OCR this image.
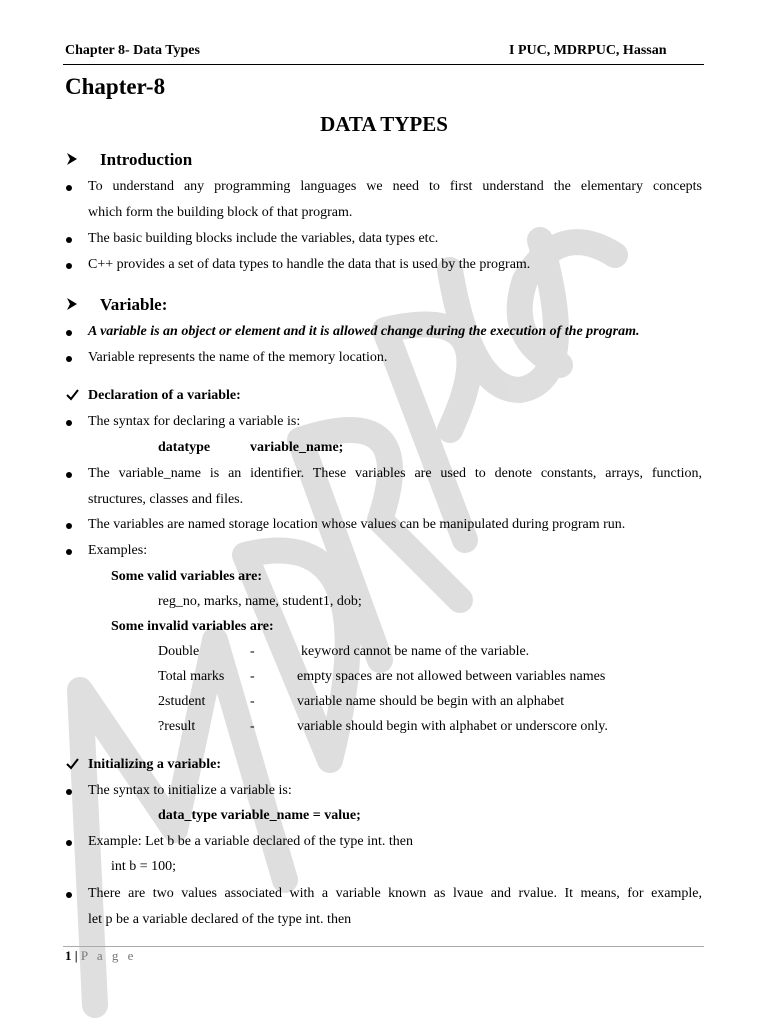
Chapter 8- Data Types	I PUC, MDRPUC, Hassan
Chapter-8
DATA TYPES
Introduction
To understand any programming languages we need to first understand the elementary concepts
which form the building block of that program.
The basic building blocks include the variables, data types etc.
C++ provides a set of data types to handle the data that is used by the program.
Variable:
A variable is an object or element and it is allowed change during the execution of the program.
Variable represents the name of the memory location.
Declaration of a variable:
The syntax for declaring a variable is:
datatype	variable_name;
The variable_name is an identifier. These variables are used to denote constants, arrays, function,
structures, classes and files.
The variables are named storage location whose values can be manipulated during program run.
Examples:
Some valid variables are:
reg_no, marks, name, student1, dob;
Some invalid variables are:
Double	-	keyword cannot be name of the variable.
Total marks -	empty spaces are not allowed between variables names
2student	-	variable name should be begin with an alphabet
?result	-	variable should begin with alphabet or underscore only.
Initializing a variable:
The syntax to initialize a variable is:
data_type variable_name = value;
Example: Let b be a variable declared of the type int. then
int b = 100;
There are two values associated with a variable known as lvaue and rvalue. It means, for example,
let p be a variable declared of the type int. then
1 | P a g e
